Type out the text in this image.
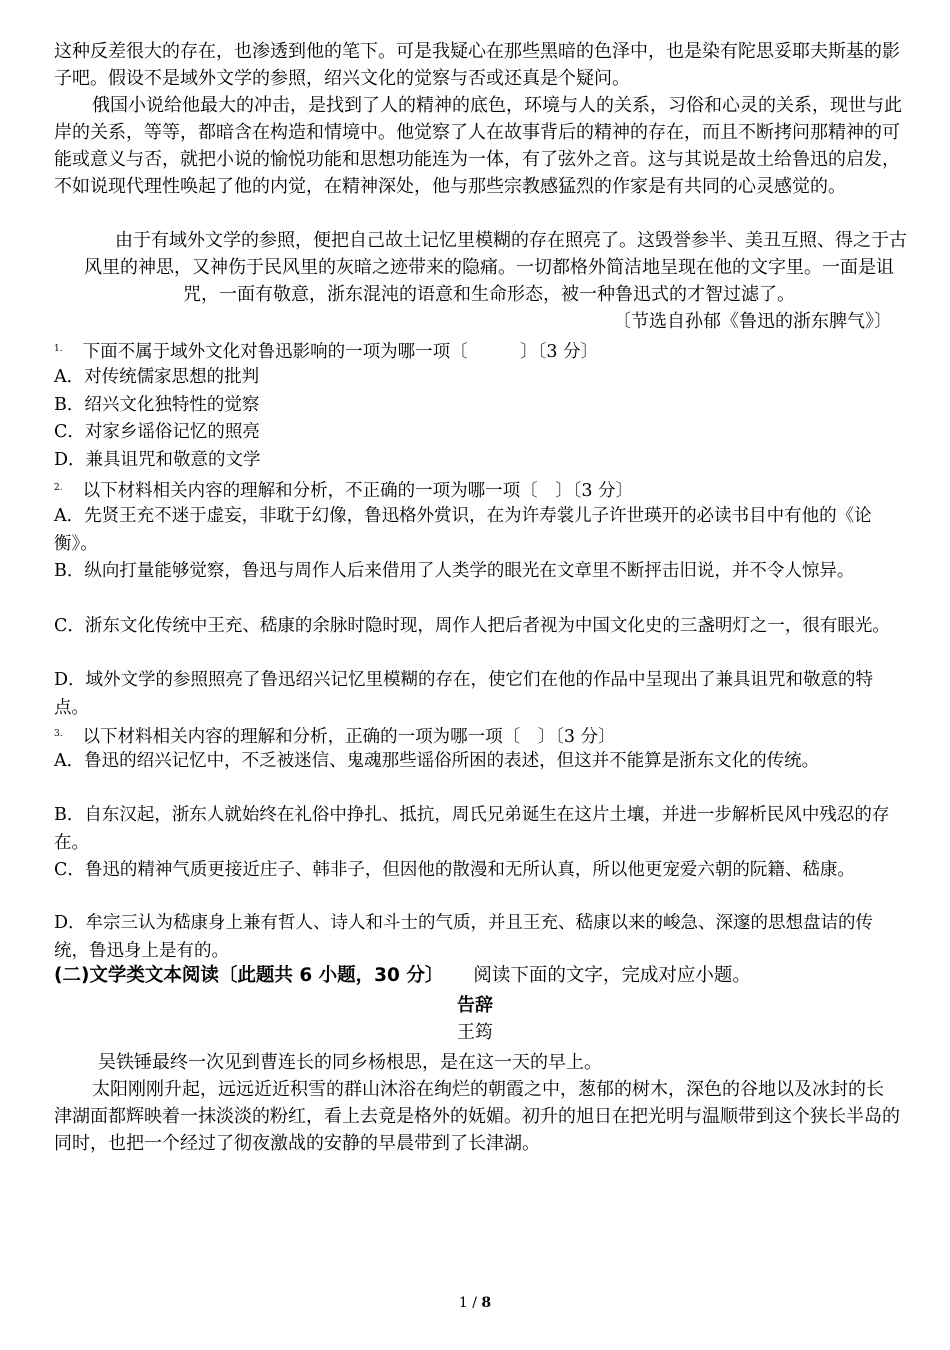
这种反差很大的存在，也渗透到他的笔下。可是我疑心在那些黑暗的色泽中，也是染有陀思妥耶夫斯基的影子吧。假设不是域外文学的参照，绍兴文化的觉察与否或还真是个疑问。

俄国小说给他最大的冲击，是找到了人的精神的底色，环境与人的关系，习俗和心灵的关系，现世与此岸的关系，等等，都暗含在构造和情境中。他觉察了人在故事背后的精神的存在，而且不断拷问那精神的可能或意义与否，就把小说的愉悦功能和思想功能连为一体，有了弦外之音。这与其说是故土给鲁迅的启发，不如说现代理性唤起了他的内觉，在精神深处，他与那些宗教感猛烈的作家是有共同的心灵感觉的。

由于有域外文学的参照，便把自己故土记忆里模糊的存在照亮了。这毁誉参半、美丑互照、得之于古风里的神思，又神伤于民风里的灰暗之迹带来的隐痛。一切都格外简洁地呈现在他的文字里。一面是诅咒，一面有敬意，浙东混沌的语意和生命形态，被一种鲁迅式的才智过滤了。

〔节选自孙郁《鲁迅的浙东脾气》〕
$^{1.}$ 下面不属于域外文化对鲁迅影响的一项为哪一项〔　　　〕〔3 分〕
A．对传统儒家思想的批判
B．绍兴文化独特性的觉察
C．对家乡谣俗记忆的照亮
D．兼具诅咒和敬意的文学
$^{2.}$ 以下材料相关内容的理解和分析，不正确的一项为哪一项〔　〕〔3 分〕
A．先贤王充不迷于虚妄，非耽于幻像，鲁迅格外赏识，在为许寿裳儿子许世瑛开的必读书目中有他的《论衡》。
B．纵向打量能够觉察，鲁迅与周作人后来借用了人类学的眼光在文章里不断抨击旧说，并不令人惊异。
C．浙东文化传统中王充、嵇康的余脉时隐时现，周作人把后者视为中国文化史的三盏明灯之一，很有眼光。
D．域外文学的参照照亮了鲁迅绍兴记忆里模糊的存在，使它们在他的作品中呈现出了兼具诅咒和敬意的特点。
$^{3.}$ 以下材料相关内容的理解和分析，正确的一项为哪一项〔　〕〔3 分〕
A．鲁迅的绍兴记忆中，不乏被迷信、鬼魂那些谣俗所困的表述，但这并不能算是浙东文化的传统。
B．自东汉起，浙东人就始终在礼俗中挣扎、抵抗，周氏兄弟诞生在这片土壤，并进一步解析民风中残忍的存在。
C．鲁迅的精神气质更接近庄子、韩非子，但因他的散漫和无所认真，所以他更宠爱六朝的阮籍、嵇康。
D．牟宗三认为嵇康身上兼有哲人、诗人和斗士的气质，并且王充、嵇康以来的峻急、深邃的思想盘诘的传统，鲁迅身上是有的。
(二)文学类文本阅读〔此题共 6 小题，30 分〕 阅读下面的文字，完成对应小题。
告辞
王筠

吴铁锤最终一次见到曹连长的同乡杨根思，是在这一天的早上。

太阳刚刚升起，远远近近积雪的群山沐浴在绚烂的朝霞之中，葱郁的树木，深色的谷地以及冰封的长津湖面都辉映着一抹淡淡的粉红，看上去竟是格外的妩媚。初升的旭日在把光明与温顺带到这个狭长半岛的同时，也把一个经过了彻夜激战的安静的早晨带到了长津湖。

1 / 8
